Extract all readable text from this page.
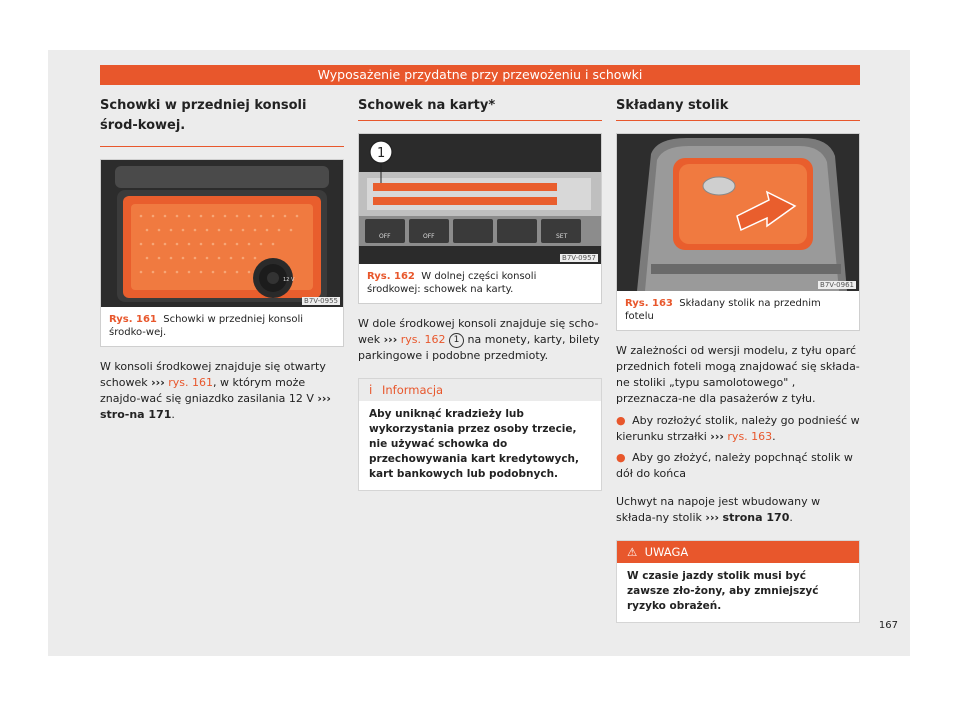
Wyposażenie przydatne przy przewożeniu i schowki
Schowki w przedniej konsoli środ-kowej.
12 V
B7V-0955
Rys. 161 Schowki w przedniej konsoli środko-wej.

W konsoli środkowej znajduje się otwarty schowek ››› rys. 161, w którym może znajdo-wać się gniazdko zasilania 12 V ››› stro-na 171.

Schowek na karty*
OFF	OFF	SET
1
B7V-0957
Rys. 162 W dolnej części konsoli środkowej: schowek na karty.

W dole środkowej konsoli znajduje się scho-wek ››› rys. 162 1 na monety, karty, bilety parkingowe i podobne przedmioty.

i Informacja
Aby uniknąć kradzieży lub wykorzystania przez osoby trzecie, nie używać schowka do przechowywania kart kredytowych, kart bankowych lub podobnych.
Składany stolik
B7V-0961
Rys. 163 Składany stolik na przednim fotelu

W zależności od wersji modelu, z tyłu oparć przednich foteli mogą znajdować się składa-ne stoliki „typu samolotowego" , przeznacza-ne dla pasażerów z tyłu.

● Aby rozłożyć stolik, należy go podnieść w kierunku strzałki ››› rys. 163.
● Aby go złożyć, należy popchnąć stolik w dół do końca

Uchwyt na napoje jest wbudowany w składa-ny stolik ››› strona 170.

⚠ UWAGA
W czasie jazdy stolik musi być zawsze zło-żony, aby zmniejszyć ryzyko obrażeń.
167
